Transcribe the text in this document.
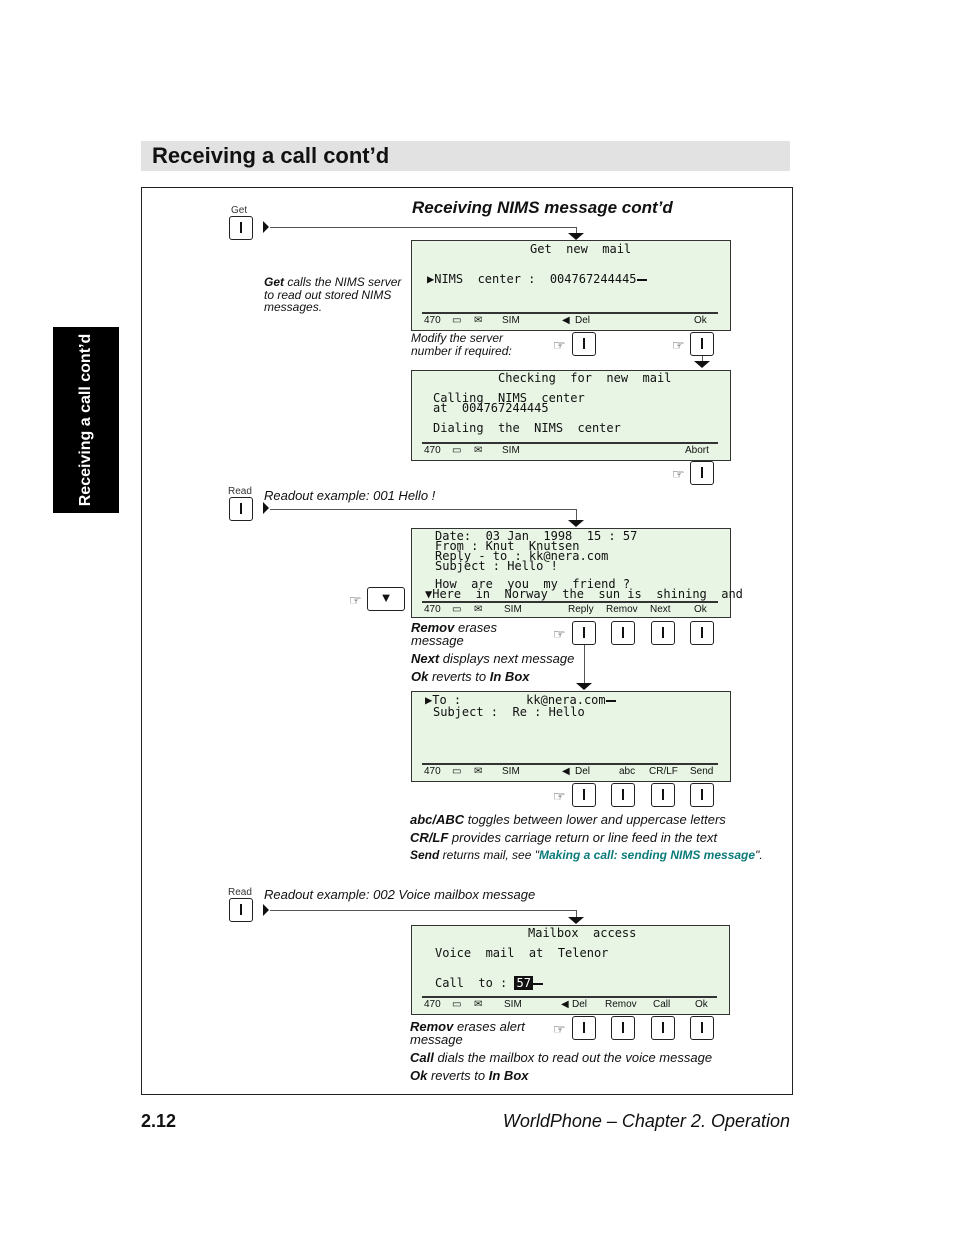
Receiving a call cont’d
Receiving a call cont’d
Receiving NIMS message cont’d
Get
Get calls the NIMS server
to read out stored NIMS
messages.
Get  new  mail
▶NIMS  center :  004767244445
470 ▭ ✉ SIM	◀ Del	Ok
Modify the server
number if required:	☞	☞
Checking  for  new  mail
Calling  NIMS  center
at  004767244445
Dialing  the  NIMS  center
470 ▭ ✉ SIM	Abort
☞
Read Readout example: 001 Hello !
Date:  03 Jan  1998  15 : 57
From : Knut  Knutsen
Reply - to : kk@nera.com
Subject : Hello !
How  are  you  my  friend ?
▼Here  in  Norway  the  sun is  shining  and
470 ▭ ✉ SIM	Reply Remov Next Ok
☞	▼
Remov erases
message	☞
Next displays next message
Ok reverts to In Box
▶To :         kk@nera.com
Subject :  Re : Hello
470 ▭ ✉ SIM	◀ Del	abc CR/LF Send
☞
abc/ABC toggles between lower and uppercase letters
CR/LF provides carriage return or line feed in the text
Send returns mail, see "Making a call: sending NIMS message".
Read Readout example: 002 Voice mailbox message
Mailbox  access
Voice  mail  at  Telenor
Call  to : 57
470 ▭ ✉ SIM	◀ Del Remov Call Ok
☞
Remov erases alert
message
Call dials the mailbox to read out the voice message
Ok reverts to In Box
2.12	WorldPhone – Chapter 2. Operation
